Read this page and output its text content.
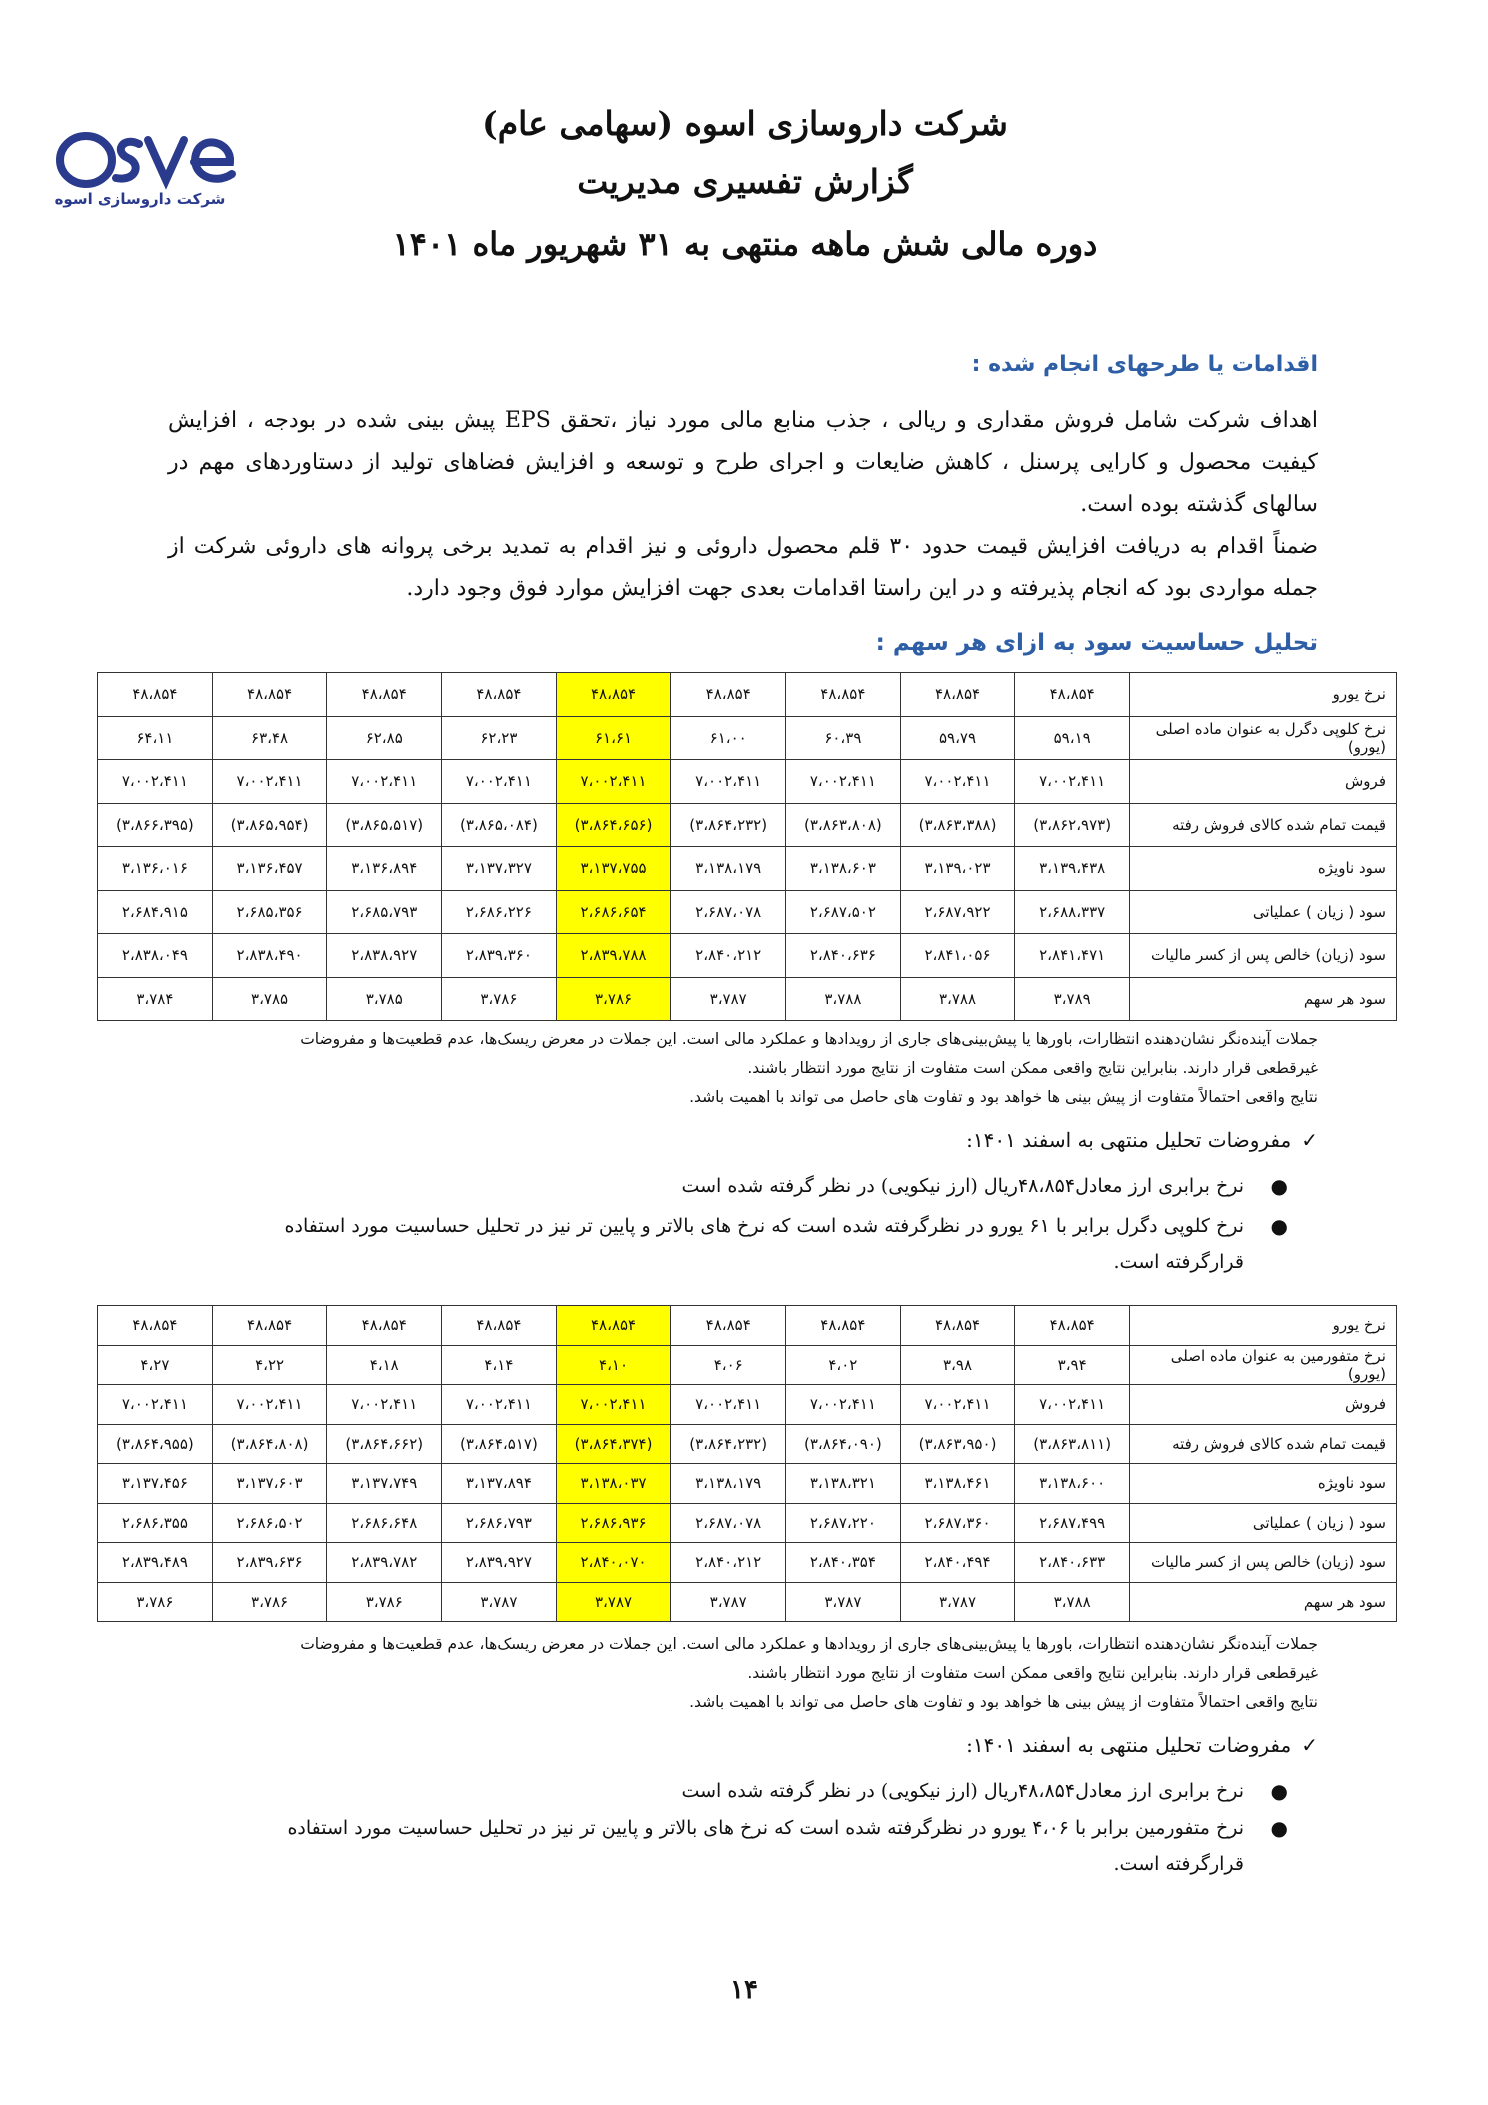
شرکت داروسازی اسوه
شرکت داروسازی اسوه (سهامی عام)
گزارش تفسیری مدیریت
دوره مالی شش ماهه منتهی به ۳۱ شهریور ماه ۱۴۰۱
اقدامات یا طرحهای انجام شده :
اهداف شرکت شامل فروش مقداری و ریالی ، جذب منابع مالی مورد نیاز ،تحقق EPS پیش بینی شده در بودجه ، افزایش کیفیت محصول و کارایی پرسنل ، کاهش ضایعات و اجرای طرح و توسعه و افزایش فضاهای تولید از دستاوردهای مهم در سالهای گذشته بوده است.
ضمناً اقدام به دریافت افزایش قیمت حدود ۳۰ قلم محصول داروئی و نیز اقدام به تمدید برخی پروانه های داروئی شرکت از جمله مواردی بود که انجام پذیرفته و در این راستا اقدامات بعدی جهت افزایش موارد فوق وجود دارد.
تحلیل حساسیت سود به ازای هر سهم :
نرخ یورو	۴۸،۸۵۴	۴۸،۸۵۴	۴۸،۸۵۴	۴۸،۸۵۴	۴۸،۸۵۴	۴۸،۸۵۴	۴۸،۸۵۴	۴۸،۸۵۴	۴۸،۸۵۴
نرخ کلوپی دگرل به عنوان ماده اصلی (یورو)	۵۹،۱۹	۵۹،۷۹	۶۰،۳۹	۶۱،۰۰	۶۱،۶۱	۶۲،۲۳	۶۲،۸۵	۶۳،۴۸	۶۴،۱۱
فروش	۷،۰۰۲،۴۱۱	۷،۰۰۲،۴۱۱	۷،۰۰۲،۴۱۱	۷،۰۰۲،۴۱۱	۷،۰۰۲،۴۱۱	۷،۰۰۲،۴۱۱	۷،۰۰۲،۴۱۱	۷،۰۰۲،۴۱۱	۷،۰۰۲،۴۱۱
قیمت تمام شده کالای فروش رفته	(۳،۸۶۲،۹۷۳)	(۳،۸۶۳،۳۸۸)	(۳،۸۶۳،۸۰۸)	(۳،۸۶۴،۲۳۲)	(۳،۸۶۴،۶۵۶)	(۳،۸۶۵،۰۸۴)	(۳،۸۶۵،۵۱۷)	(۳،۸۶۵،۹۵۴)	(۳،۸۶۶،۳۹۵)
سود ناویژه	۳،۱۳۹،۴۳۸	۳،۱۳۹،۰۲۳	۳،۱۳۸،۶۰۳	۳،۱۳۸،۱۷۹	۳،۱۳۷،۷۵۵	۳،۱۳۷،۳۲۷	۳،۱۳۶،۸۹۴	۳،۱۳۶،۴۵۷	۳،۱۳۶،۰۱۶
سود ( زیان ) عملیاتی	۲،۶۸۸،۳۳۷	۲،۶۸۷،۹۲۲	۲،۶۸۷،۵۰۲	۲،۶۸۷،۰۷۸	۲،۶۸۶،۶۵۴	۲،۶۸۶،۲۲۶	۲،۶۸۵،۷۹۳	۲،۶۸۵،۳۵۶	۲،۶۸۴،۹۱۵
سود (زیان) خالص پس از کسر مالیات	۲،۸۴۱،۴۷۱	۲،۸۴۱،۰۵۶	۲،۸۴۰،۶۳۶	۲،۸۴۰،۲۱۲	۲،۸۳۹،۷۸۸	۲،۸۳۹،۳۶۰	۲،۸۳۸،۹۲۷	۲،۸۳۸،۴۹۰	۲،۸۳۸،۰۴۹
سود هر سهم	۳،۷۸۹	۳،۷۸۸	۳،۷۸۸	۳،۷۸۷	۳،۷۸۶	۳،۷۸۶	۳،۷۸۵	۳،۷۸۵	۳،۷۸۴
جملات آینده‌نگر نشان‌دهنده انتظارات، باورها یا پیش‌بینی‌های جاری از رویدادها و عملکرد مالی است. این جملات در معرض ریسک‌ها، عدم قطعیت‌ها و مفروضات
غیرقطعی قرار دارند. بنابراین نتایج واقعی ممکن است متفاوت از نتایج مورد انتظار باشند.
نتایج واقعی احتمالاً متفاوت از پیش بینی ها خواهد بود و تفاوت های حاصل می تواند با اهمیت باشد.
✓مفروضات تحلیل منتهی به اسفند ۱۴۰۱:
●
نرخ برابری ارز معادل۴۸،۸۵۴ریال (ارز نیکویی) در نظر گرفته شده است
●
نرخ کلوپی دگرل برابر با ۶۱ یورو در نظرگرفته شده است که نرخ های بالاتر و پایین تر نیز در تحلیل حساسیت مورد استفاده قرارگرفته است.
نرخ یورو	۴۸،۸۵۴	۴۸،۸۵۴	۴۸،۸۵۴	۴۸،۸۵۴	۴۸،۸۵۴	۴۸،۸۵۴	۴۸،۸۵۴	۴۸،۸۵۴	۴۸،۸۵۴
نرخ متفورمین به عنوان ماده اصلی (یورو)	۳،۹۴	۳،۹۸	۴،۰۲	۴،۰۶	۴،۱۰	۴،۱۴	۴،۱۸	۴،۲۲	۴،۲۷
فروش	۷،۰۰۲،۴۱۱	۷،۰۰۲،۴۱۱	۷،۰۰۲،۴۱۱	۷،۰۰۲،۴۱۱	۷،۰۰۲،۴۱۱	۷،۰۰۲،۴۱۱	۷،۰۰۲،۴۱۱	۷،۰۰۲،۴۱۱	۷،۰۰۲،۴۱۱
قیمت تمام شده کالای فروش رفته	(۳،۸۶۳،۸۱۱)	(۳،۸۶۳،۹۵۰)	(۳،۸۶۴،۰۹۰)	(۳،۸۶۴،۲۳۲)	(۳،۸۶۴،۳۷۴)	(۳،۸۶۴،۵۱۷)	(۳،۸۶۴،۶۶۲)	(۳،۸۶۴،۸۰۸)	(۳،۸۶۴،۹۵۵)
سود ناویژه	۳،۱۳۸،۶۰۰	۳،۱۳۸،۴۶۱	۳،۱۳۸،۳۲۱	۳،۱۳۸،۱۷۹	۳،۱۳۸،۰۳۷	۳،۱۳۷،۸۹۴	۳،۱۳۷،۷۴۹	۳،۱۳۷،۶۰۳	۳،۱۳۷،۴۵۶
سود ( زیان ) عملیاتی	۲،۶۸۷،۴۹۹	۲،۶۸۷،۳۶۰	۲،۶۸۷،۲۲۰	۲،۶۸۷،۰۷۸	۲،۶۸۶،۹۳۶	۲،۶۸۶،۷۹۳	۲،۶۸۶،۶۴۸	۲،۶۸۶،۵۰۲	۲،۶۸۶،۳۵۵
سود (زیان) خالص پس از کسر مالیات	۲،۸۴۰،۶۳۳	۲،۸۴۰،۴۹۴	۲،۸۴۰،۳۵۴	۲،۸۴۰،۲۱۲	۲،۸۴۰،۰۷۰	۲،۸۳۹،۹۲۷	۲،۸۳۹،۷۸۲	۲،۸۳۹،۶۳۶	۲،۸۳۹،۴۸۹
سود هر سهم	۳،۷۸۸	۳،۷۸۷	۳،۷۸۷	۳،۷۸۷	۳،۷۸۷	۳،۷۸۷	۳،۷۸۶	۳،۷۸۶	۳،۷۸۶
جملات آینده‌نگر نشان‌دهنده انتظارات، باورها یا پیش‌بینی‌های جاری از رویدادها و عملکرد مالی است. این جملات در معرض ریسک‌ها، عدم قطعیت‌ها و مفروضات
غیرقطعی قرار دارند. بنابراین نتایج واقعی ممکن است متفاوت از نتایج مورد انتظار باشند.
نتایج واقعی احتمالاً متفاوت از پیش بینی ها خواهد بود و تفاوت های حاصل می تواند با اهمیت باشد.
✓مفروضات تحلیل منتهی به اسفند ۱۴۰۱:
●
نرخ برابری ارز معادل۴۸،۸۵۴ریال (ارز نیکویی) در نظر گرفته شده است
●
نرخ متفورمین برابر با ۴،۰۶ یورو در نظرگرفته شده است که نرخ های بالاتر و پایین تر نیز در تحلیل حساسیت مورد استفاده قرارگرفته است.
۱۴
